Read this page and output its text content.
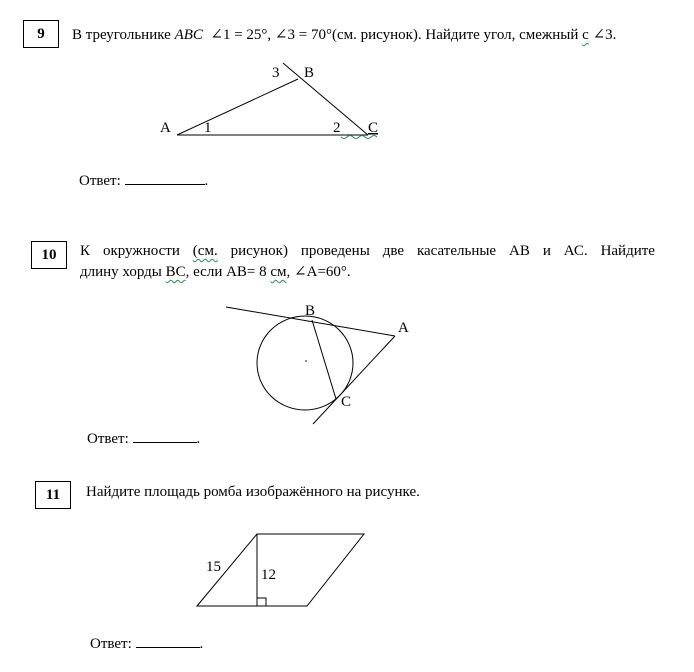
9 В треугольнике ABC ∠1 = 25°, ∠3 = 70°(см. рисунок). Найдите угол, смежный с ∠3.
A
B
C
1	2
3
Ответ:	.
10 К окружности (см. рисунок) проведены две касательные АВ и АС. Найдите
длину хорды ВС, если АВ= 8 см, ∠А=60°.
B
A
C
Ответ:	.
11 Найдите площадь ромба изображённого на рисунке.
15	12
Ответ:	.
